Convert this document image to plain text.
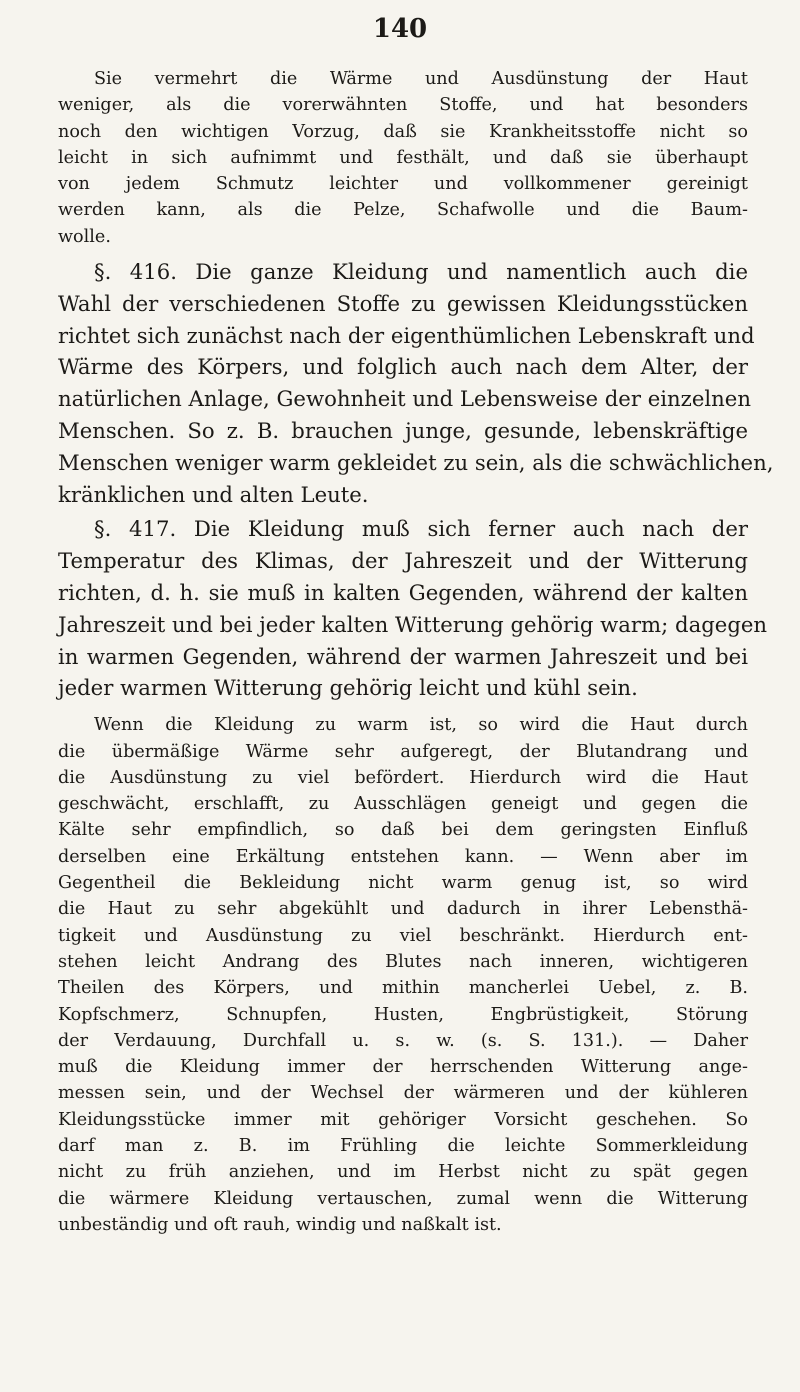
140
Sie vermehrt die Wärme und Ausdünstung der Haut
weniger, als die vorerwähnten Stoffe, und hat besonders
noch den wichtigen Vorzug, daß sie Krankheitsstoffe nicht so
leicht in sich aufnimmt und festhält, und daß sie überhaupt
von jedem Schmutz leichter und vollkommener gereinigt
werden kann, als die Pelze, Schafwolle und die Baum-
wolle.
§. 416. Die ganze Kleidung und namentlich auch die
Wahl der verschiedenen Stoffe zu gewissen Kleidungsstücken
richtet sich zunächst nach der eigenthümlichen Lebenskraft und
Wärme des Körpers, und folglich auch nach dem Alter, der
natürlichen Anlage, Gewohnheit und Lebensweise der einzelnen
Menschen. So z. B. brauchen junge, gesunde, lebenskräftige
Menschen weniger warm gekleidet zu sein, als die schwächlichen,
kränklichen und alten Leute.
§. 417. Die Kleidung muß sich ferner auch nach der
Temperatur des Klimas, der Jahreszeit und der Witterung
richten, d. h. sie muß in kalten Gegenden, während der kalten
Jahreszeit und bei jeder kalten Witterung gehörig warm; dagegen
in warmen Gegenden, während der warmen Jahreszeit und bei
jeder warmen Witterung gehörig leicht und kühl sein.
Wenn die Kleidung zu warm ist, so wird die Haut durch
die übermäßige Wärme sehr aufgeregt, der Blutandrang und
die Ausdünstung zu viel befördert. Hierdurch wird die Haut
geschwächt, erschlafft, zu Ausschlägen geneigt und gegen die
Kälte sehr empfindlich, so daß bei dem geringsten Einfluß
derselben eine Erkältung entstehen kann. — Wenn aber im
Gegentheil die Bekleidung nicht warm genug ist, so wird
die Haut zu sehr abgekühlt und dadurch in ihrer Lebensthä-
tigkeit und Ausdünstung zu viel beschränkt. Hierdurch ent-
stehen leicht Andrang des Blutes nach inneren, wichtigeren
Theilen des Körpers, und mithin mancherlei Uebel, z. B.
Kopfschmerz, Schnupfen, Husten, Engbrüstigkeit, Störung
der Verdauung, Durchfall u. s. w. (s. S. 131.). — Daher
muß die Kleidung immer der herrschenden Witterung ange-
messen sein, und der Wechsel der wärmeren und der kühleren
Kleidungsstücke immer mit gehöriger Vorsicht geschehen. So
darf man z. B. im Frühling die leichte Sommerkleidung
nicht zu früh anziehen, und im Herbst nicht zu spät gegen
die wärmere Kleidung vertauschen, zumal wenn die Witterung
unbeständig und oft rauh, windig und naßkalt ist.
